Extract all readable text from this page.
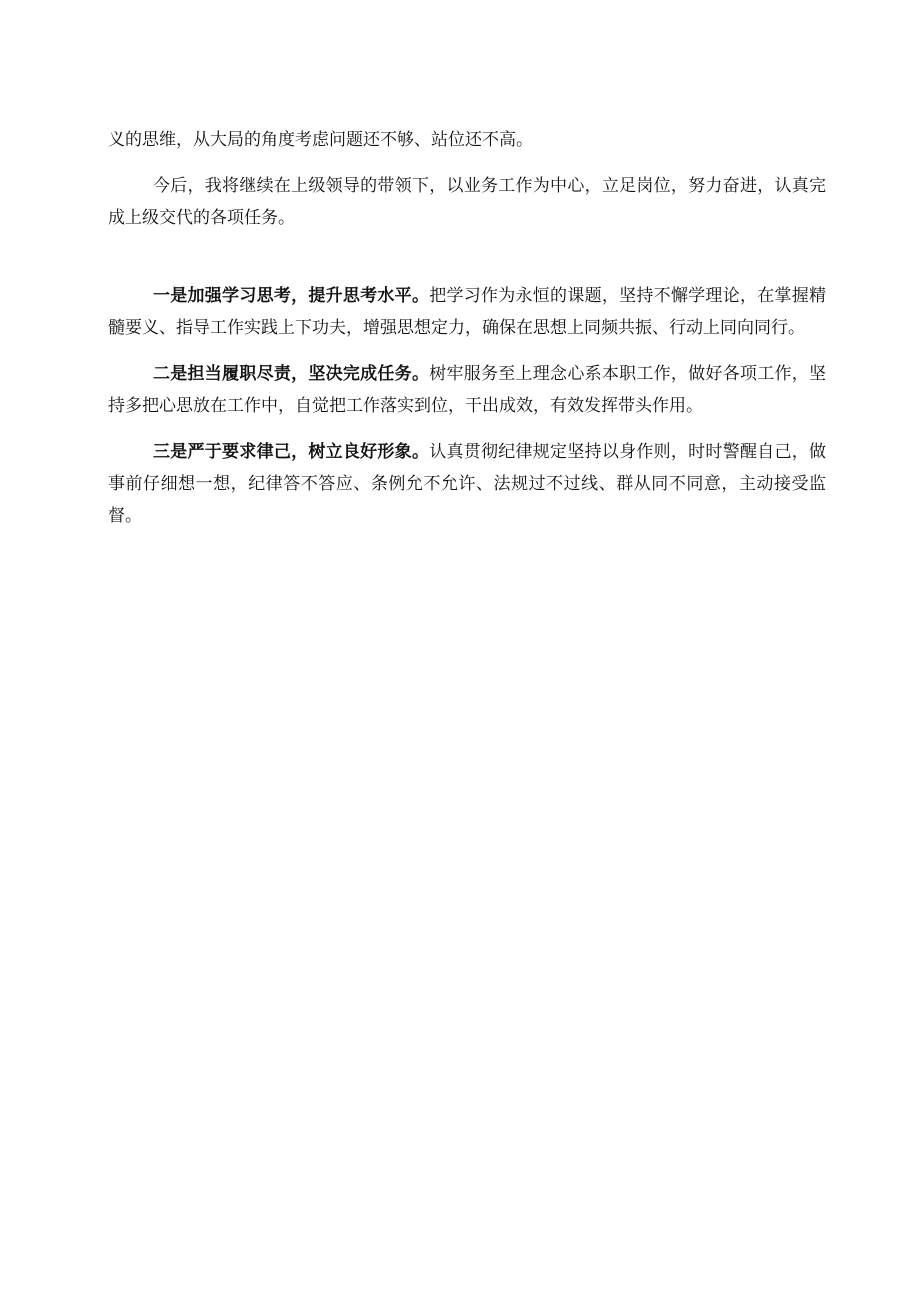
义的思维，从大局的角度考虑问题还不够、站位还不高。

今后，我将继续在上级领导的带领下，以业务工作为中心，立足岗位，努力奋进，认真完成上级交代的各项任务。

一是加强学习思考，提升思考水平。把学习作为永恒的课题，坚持不懈学理论，在掌握精髓要义、指导工作实践上下功夫，增强思想定力，确保在思想上同频共振、行动上同向同行。

二是担当履职尽责，坚决完成任务。树牢服务至上理念心系本职工作，做好各项工作，坚持多把心思放在工作中，自觉把工作落实到位，干出成效，有效发挥带头作用。

三是严于要求律己，树立良好形象。认真贯彻纪律规定坚持以身作则，时时警醒自己，做事前仔细想一想，纪律答不答应、条例允不允许、法规过不过线、群从同不同意，主动接受监督。
